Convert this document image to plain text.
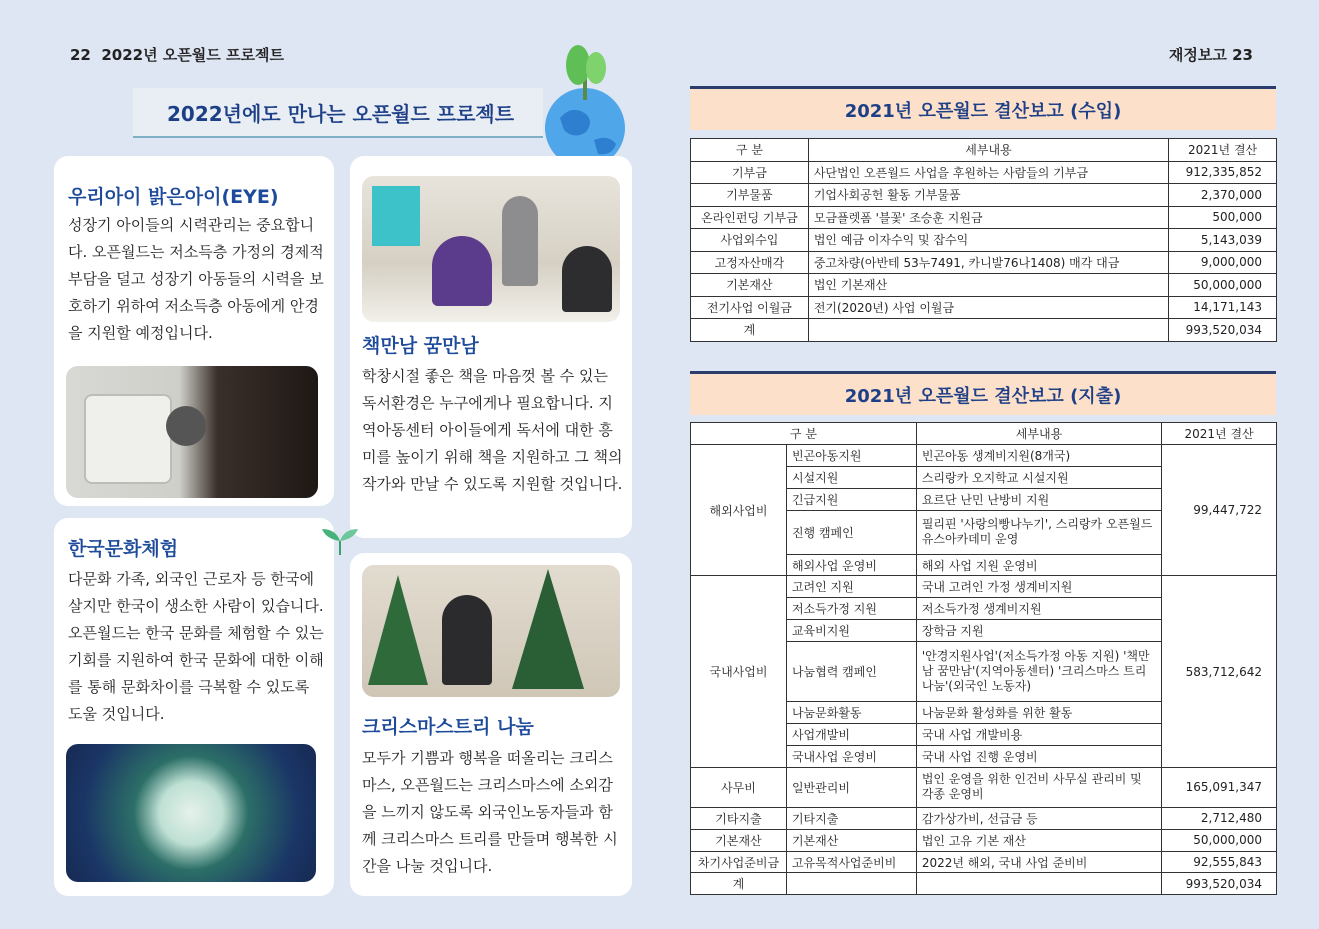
22 2022년 오픈월드 프로젝트	재정보고 23
2022년에도 만나는 오픈월드 프로젝트
우리아이 밝은아이(EYE)
성장기 아이들의 시력관리는 중요합니다. 오픈월드는 저소득층 가정의 경제적 부담을 덜고 성장기 아동들의 시력을 보호하기 위하여 저소득층 아동에게 안경을 지원할 예정입니다.
책만남 꿈만남
학창시절 좋은 책을 마음껏 볼 수 있는 독서환경은 누구에게나 필요합니다. 지역아동센터 아이들에게 독서에 대한 흥미를 높이기 위해 책을 지원하고 그 책의 작가와 만날 수 있도록 지원할 것입니다.
한국문화체험
다문화 가족, 외국인 근로자 등 한국에 살지만 한국이 생소한 사람이 있습니다. 오픈월드는 한국 문화를 체험할 수 있는 기회를 지원하여 한국 문화에 대한 이해를 통해 문화차이를 극복할 수 있도록 도울 것입니다.
크리스마스트리 나눔
모두가 기쁨과 행복을 떠올리는 크리스마스, 오픈월드는 크리스마스에 소외감을 느끼지 않도록 외국인노동자들과 함께 크리스마스 트리를 만들며 행복한 시간을 나눌 것입니다.
2021년 오픈월드 결산보고 (수입)
구 분	세부내용	2021년 결산
기부금	사단법인 오픈월드 사업을 후원하는 사람들의 기부금	912,335,852
기부물품	기업사회공헌 활동 기부물품	2,370,000
온라인펀딩 기부금	모금플렛폼 '블꽃' 조승훈 지원금	500,000
사업외수입	법인 예금 이자수익 및 잡수익	5,143,039
고정자산매각	중고차량(아반테 53누7491, 카니발76나1408) 매각 대금	9,000,000
기본재산	법인 기본재산	50,000,000
전기사업 이월금	전기(2020년) 사업 이월금	14,171,143
계		993,520,034
2021년 오픈월드 결산보고 (지출)
구 분		세부내용	2021년 결산
해외사업비	빈곤아동지원	빈곤아동 생계비지원(8개국)	99,447,722
	시설지원	스리랑카 오지학교 시설지원	
	긴급지원	요르단 난민 난방비 지원	
	진행 캠페인	필리핀 '사랑의빵나누기', 스리랑카 오픈월드 유스아카데미 운영	
	해외사업 운영비	해외 사업 지원 운영비	
국내사업비	고려인 지원	국내 고려인 가정 생계비지원	583,712,642
	저소득가정 지원	저소득가정 생계비지원	
	교육비지원	장학금 지원	
	나눔협력 캠페인	'안경지원사업'(저소득가정 아동 지원) '책만남 꿈만남'(지역아동센터) '크리스마스 트리나눔'(외국인 노동자)	
	나눔문화활동	나눔문화 활성화를 위한 활동	
	사업개발비	국내 사업 개발비용	
	국내사업 운영비	국내 사업 진행 운영비	
사무비	일반관리비	법인 운영을 위한 인건비 사무실 관리비 및 각종 운영비	165,091,347
기타지출	기타지출	감가상가비, 선급금 등	2,712,480
기본재산	기본재산	법인 고유 기본 재산	50,000,000
차기사업준비금	고유목적사업준비비	2022년 해외, 국내 사업 준비비	92,555,843
계			993,520,034
